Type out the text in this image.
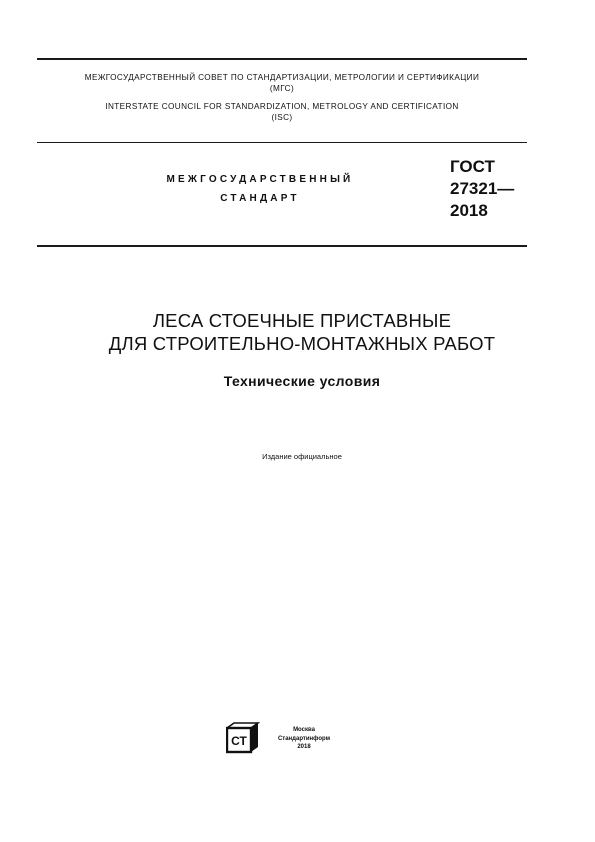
МЕЖГОСУДАРСТВЕННЫЙ СОВЕТ ПО СТАНДАРТИЗАЦИИ, МЕТРОЛОГИИ И СЕРТИФИКАЦИИ
(МГС)
INTERSTATE COUNCIL FOR STANDARDIZATION, METROLOGY AND CERTIFICATION
(ISC)
МЕЖГОСУДАРСТВЕННЫЙ
СТАНДАРТ
ГОСТ
27321—
2018
ЛЕСА СТОЕЧНЫЕ ПРИСТАВНЫЕ
ДЛЯ СТРОИТЕЛЬНО-МОНТАЖНЫХ РАБОТ
Технические условия
Издание официальное
СТ
Москва
Стандартинформ
2018
